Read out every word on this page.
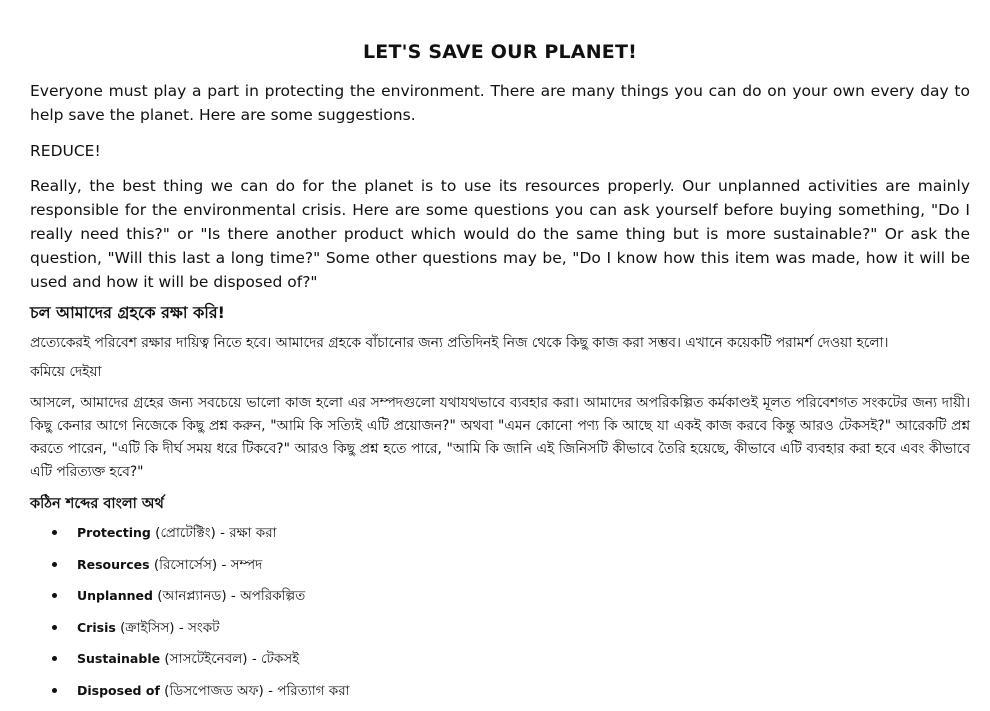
LET'S SAVE OUR PLANET!

Everyone must play a part in protecting the environment. There are many things you can do on your own every day to help save the planet. Here are some suggestions.

REDUCE!

Really, the best thing we can do for the planet is to use its resources properly. Our unplanned activities are mainly responsible for the environmental crisis. Here are some questions you can ask yourself before buying something, "Do I really need this?" or "Is there another product which would do the same thing but is more sustainable?" Or ask the question, "Will this last a long time?" Some other questions may be, "Do I know how this item was made, how it will be used and how it will be disposed of?"

চল আমাদের গ্রহকে রক্ষা করি!

প্রত্যেকেরই পরিবেশ রক্ষার দায়িত্ব নিতে হবে। আমাদের গ্রহকে বাঁচানোর জন্য প্রতিদিনই নিজ থেকে কিছু কাজ করা সম্ভব। এখানে কয়েকটি পরামর্শ দেওয়া হলো।

কমিয়ে দেইয়া

আসলে, আমাদের গ্রহের জন্য সবচেয়ে ভালো কাজ হলো এর সম্পদগুলো যথাযথভাবে ব্যবহার করা। আমাদের অপরিকল্পিত কর্মকাণ্ডই মূলত পরিবেশগত সংকটের জন্য দায়ী। কিছু কেনার আগে নিজেকে কিছু প্রশ্ন করুন, "আমি কি সত্যিই এটি প্রয়োজন?" অথবা "এমন কোনো পণ্য কি আছে যা একই কাজ করবে কিন্তু আরও টেকসই?" আরেকটি প্রশ্ন করতে পারেন, "এটি কি দীর্ঘ সময় ধরে টিকবে?" আরও কিছু প্রশ্ন হতে পারে, "আমি কি জানি এই জিনিসটি কীভাবে তৈরি হয়েছে, কীভাবে এটি ব্যবহার করা হবে এবং কীভাবে এটি পরিত্যক্ত হবে?"

কঠিন শব্দের বাংলা অর্থ

Protecting (প্রোটেক্টিং) - রক্ষা করা
Resources (রিসোর্সেস) - সম্পদ
Unplanned (আনপ্ল্যানড) - অপরিকল্পিত
Crisis (ক্রাইসিস) - সংকট
Sustainable (সাসটেইনেবল) - টেকসই
Disposed of (ডিসপোজড অফ) - পরিত্যাগ করা
